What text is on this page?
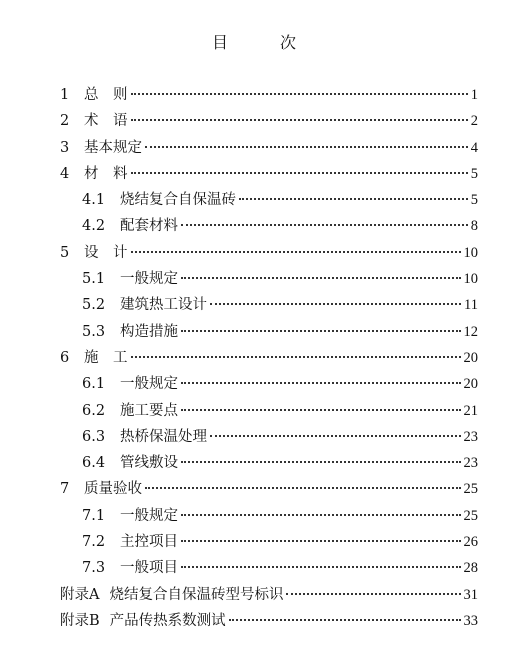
目　次
1	总　则	1
2	术　语	2
3	基本规定	4
4	材　料	5
4.1	烧结复合自保温砖	5
4.2	配套材料	8
5	设　计	10
5.1	一般规定	10
5.2	建筑热工设计	11
5.3	构造措施	12
6	施　工	20
6.1	一般规定	20
6.2	施工要点	21
6.3	热桥保温处理	23
6.4	管线敷设	23
7	质量验收	25
7.1	一般规定	25
7.2	主控项目	26
7.3	一般项目	28
附录A 烧结复合自保温砖型号标识	31
附录B 产品传热系数测试	33
